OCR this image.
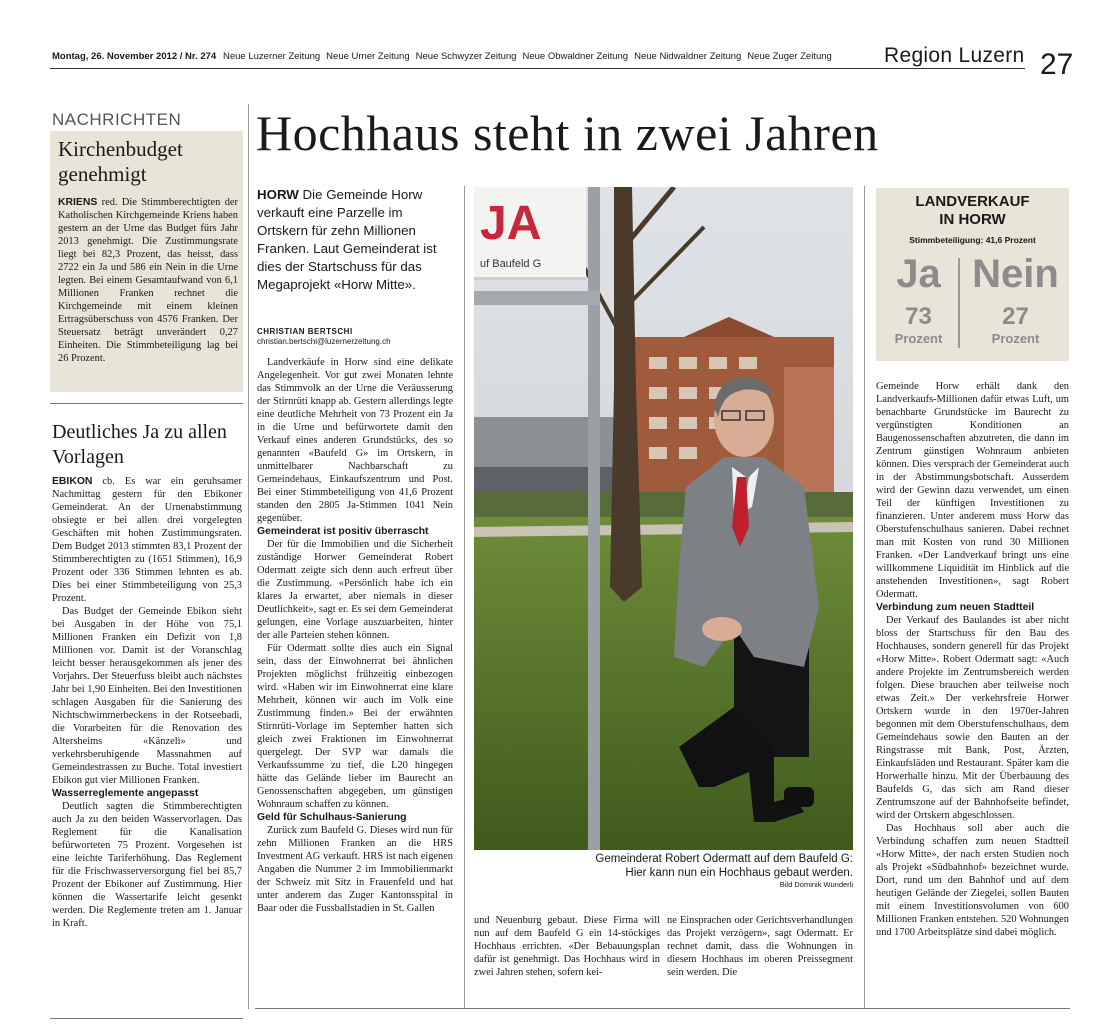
Montag, 26. November 2012 / Nr. 274 Neue Luzerner Zeitung Neue Urner Zeitung Neue Schwyzer Zeitung Neue Obwaldner Zeitung Neue Nidwaldner Zeitung Neue Zuger Zeitung Region Luzern 27
NACHRICHTEN
Kirchenbudget genehmigt

KRIENS red. Die Stimmberechtigten der Katholischen Kirchgemeinde Kriens haben gestern an der Urne das Budget fürs Jahr 2013 genehmigt. Die Zustimmungsrate liegt bei 82,3 Prozent, das heisst, dass 2722 ein Ja und 586 ein Nein in die Urne legten. Bei einem Gesamtaufwand von 6,1 Millionen Franken rechnet die Kirchgemeinde mit einem kleinen Ertragsüberschuss von 4576 Franken. Der Steuersatz beträgt unverändert 0,27 Einheiten. Die Stimmbeteiligung lag bei 26 Prozent.

Deutliches Ja zu allen Vorlagen

EBIKON cb. Es war ein geruhsamer Nachmittag gestern für den Ebikoner Gemeinderat. An der Urnenabstimmung obsiegte er bei allen drei vorgelegten Geschäften mit hohen Zustimmungsraten. Dem Budget 2013 stimmten 83,1 Prozent der Stimmberechtigten zu (1651 Stimmen), 16,9 Prozent oder 336 Stimmen lehnten es ab. Dies bei einer Stimmbeteiligung von 25,3 Prozent.

Das Budget der Gemeinde Ebikon sieht bei Ausgaben in der Höhe von 75,1 Millionen Franken ein Defizit von 1,8 Millionen vor. Damit ist der Voranschlag leicht besser herausgekommen als jener des Vorjahrs. Der Steuerfuss bleibt auch nächstes Jahr bei 1,90 Einheiten. Bei den Investitionen schlagen Ausgaben für die Sanierung des Nichtschwimmerbeckens in der Rotseebadi, die Vorarbeiten für die Renovation des Altersheims «Känzeli» und verkehrsberuhigende Massnahmen auf Gemeindestrassen zu Buche. Total investiert Ebikon gut vier Millionen Franken.

Wasserreglemente angepasst

Deutlich sagten die Stimmberechtigten auch Ja zu den beiden Wasservorlagen. Das Reglement für die Kanalisation befürworteten 75 Prozent. Vorgesehen ist eine leichte Tariferhöhung. Das Reglement für die Frischwasserversorgung fiel bei 85,7 Prozent der Ebikoner auf Zustimmung. Hier können die Wassertarife leicht gesenkt werden. Die Reglemente treten am 1. Januar in Kraft.

Hochhaus steht in zwei Jahren
HORW Die Gemeinde Horw verkauft eine Parzelle im Ortskern für zehn Millionen Franken. Laut Gemeinderat ist dies der Startschuss für das Megaprojekt «Horw Mitte».
CHRISTIAN BERTSCHI
christian.bertschi@luzernerzeitung.ch

Landverkäufe in Horw sind eine delikate Angelegenheit. Vor gut zwei Monaten lehnte das Stimmvolk an der Urne die Veräusserung der Stirnrüti knapp ab. Gestern allerdings legte eine deutliche Mehrheit von 73 Prozent ein Ja in die Urne und befürwortete damit den Verkauf eines anderen Grundstücks, des so genannten «Baufeld G» im Ortskern, in unmittelbarer Nachbarschaft zu Gemeindehaus, Einkaufszentrum und Post. Bei einer Stimmbeteiligung von 41,6 Prozent standen den 2805 Ja-Stimmen 1041 Nein gegenüber.

Gemeinderat ist positiv überrascht

Der für die Immobilien und die Sicherheit zuständige Horwer Gemeinderat Robert Odermatt zeigte sich denn auch erfreut über die Zustimmung. «Persönlich habe ich ein klares Ja erwartet, aber niemals in dieser Deutlichkeit», sagt er. Es sei dem Gemeinderat gelungen, eine Vorlage auszuarbeiten, hinter der alle Parteien stehen können.

Für Odermatt sollte dies auch ein Signal sein, dass der Einwohnerrat bei ähnlichen Projekten möglichst frühzeitig einbezogen wird. «Haben wir im Einwohnerrat eine klare Mehrheit, können wir auch im Volk eine Zustimmung finden.» Bei der erwähnten Stirnrüti-Vorlage im September hatten sich gleich zwei Fraktionen im Einwohnerrat quergelegt. Der SVP war damals die Verkaufssumme zu tief, die L20 hingegen hätte das Gelände lieber im Baurecht an Genossenschaften abgegeben, um günstigen Wohnraum schaffen zu können.

Geld für Schulhaus-Sanierung

Zurück zum Baufeld G. Dieses wird nun für zehn Millionen Franken an die HRS Investment AG verkauft. HRS ist nach eigenen Angaben die Nummer 2 im Immobilienmarkt der Schweiz mit Sitz in Frauenfeld und hat unter anderem das Zuger Kantonsspital in Baar oder die Fussballstadien in St. Gallen

JA
uf Baufeld G
Gemeinderat Robert Odermatt auf dem Baufeld G:
Hier kann nun ein Hochhaus gebaut werden.
Bild Dominik Wunderli

und Neuenburg gebaut. Diese Firma will nun auf dem Baufeld G ein 14-stöckiges Hochhaus errichten. «Der Bebauungsplan dafür ist genehmigt. Das Hochhaus wird in zwei Jahren stehen, sofern kei-

ne Einsprachen oder Gerichtsverhandlungen das Projekt verzögern», sagt Odermatt. Er rechnet damit, dass die Wohnungen in diesem Hochhaus im oberen Preissegment sein werden. Die

LANDVERKAUF
IN HORW
Stimmbeteiligung: 41,6 Prozent
Ja Nein
73	27
Prozent	Prozent

Gemeinde Horw erhält dank den Landverkaufs-Millionen dafür etwas Luft, um benachbarte Grundstücke im Baurecht zu vergünstigten Konditionen an Baugenossenschaften abzutreten, die dann im Zentrum günstigen Wohnraum anbieten können. Dies versprach der Gemeinderat auch in der Abstimmungsbotschaft. Ausserdem wird der Gewinn dazu verwendet, um einen Teil der künftigen Investitionen zu finanzieren. Unter anderem muss Horw das Oberstufenschulhaus sanieren. Dabei rechnet man mit Kosten von rund 30 Millionen Franken. «Der Landverkauf bringt uns eine willkommene Liquidität im Hinblick auf die anstehenden Investitionen», sagt Robert Odermatt.

Verbindung zum neuen Stadtteil

Der Verkauf des Baulandes ist aber nicht bloss der Startschuss für den Bau des Hochhauses, sondern generell für das Projekt «Horw Mitte». Robert Odermatt sagt: «Auch andere Projekte im Zentrumsbereich werden folgen. Diese brauchen aber teilweise noch etwas Zeit.» Der verkehrsfreie Horwer Ortskern wurde in den 1970er-Jahren begonnen mit dem Oberstufenschulhaus, dem Gemeindehaus sowie den Bauten an der Ringstrasse mit Bank, Post, Ärzten, Einkaufsläden und Restaurant. Später kam die Horwerhalle hinzu. Mit der Überbauung des Baufelds G, das sich am Rand dieser Zentrumszone auf der Bahnhofseite befindet, wird der Ortskern abgeschlossen.

Das Hochhaus soll aber auch die Verbindung schaffen zum neuen Stadtteil «Horw Mitte», der nach ersten Studien noch als Projekt «Südbahnhof» bezeichnet wurde. Dort, rund um den Bahnhof und auf dem heutigen Gelände der Ziegelei, sollen Bauten mit einem Investitionsvolumen von 600 Millionen Franken entstehen. 520 Wohnungen und 1700 Arbeitsplätze sind dabei möglich.
